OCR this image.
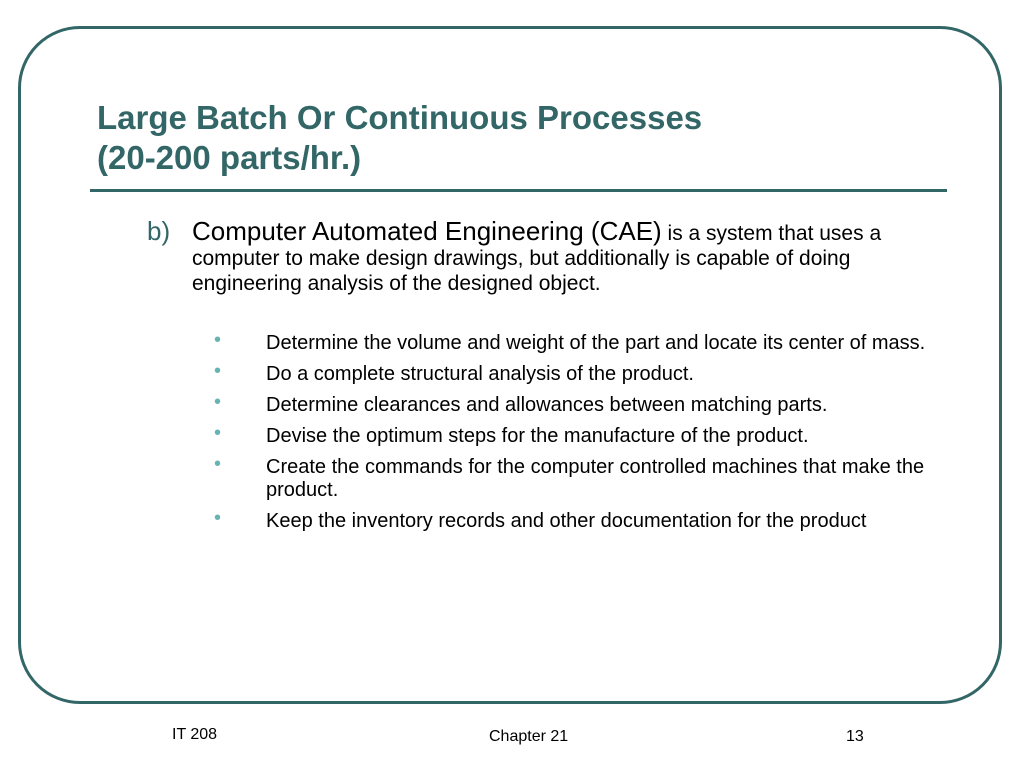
Large Batch Or Continuous Processes
(20-200 parts/hr.)
b) Computer Automated Engineering (CAE) is a system that uses a computer to make design drawings, but additionally is capable of doing engineering analysis of the designed object.
• Determine the volume and weight of the part and locate its center of mass.
• Do a complete structural analysis of the product.
• Determine clearances and allowances between matching parts.
• Devise the optimum steps for the manufacture of the product.
• Create the commands for the computer controlled machines that make the product.
• Keep the inventory records and other documentation for the product
IT 208	Chapter 21	13
